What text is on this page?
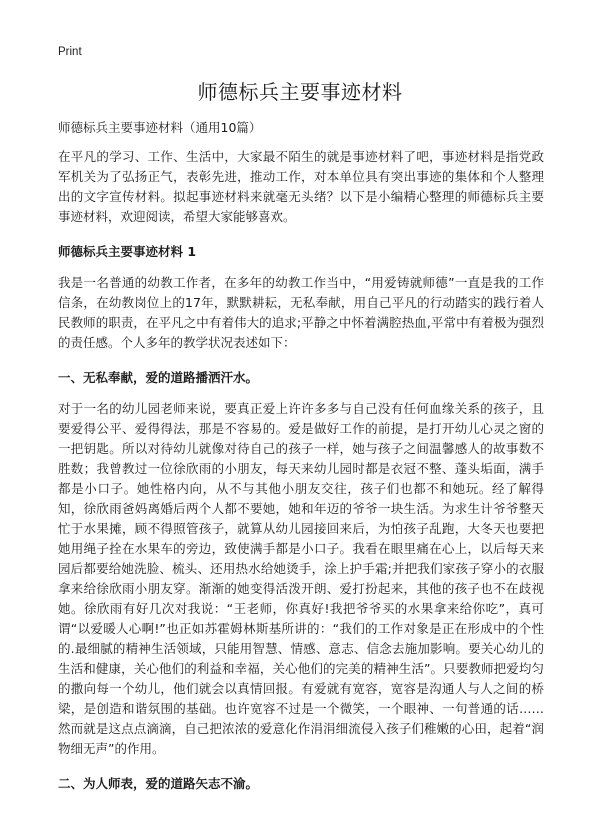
Print
师德标兵主要事迹材料
师德标兵主要事迹材料（通用10篇）

在平凡的学习、工作、生活中，大家最不陌生的就是事迹材料了吧，事迹材料是指党政军机关为了弘扬正气，表彰先进，推动工作，对本单位具有突出事迹的集体和个人整理出的文字宣传材料。拟起事迹材料来就毫无头绪？以下是小编精心整理的师德标兵主要事迹材料，欢迎阅读，希望大家能够喜欢。

师德标兵主要事迹材料 1

我是一名普通的幼教工作者，在多年的幼教工作当中，“用爱铸就师德”一直是我的工作信条，在幼教岗位上的17年，默默耕耘，无私奉献，用自己平凡的行动踏实的践行着人民教师的职责，在平凡之中有着伟大的追求;平静之中怀着满腔热血,平常中有着极为强烈的责任感。个人多年的教学状况表述如下：

一、无私奉献，爱的道路播洒汗水。

对于一名的幼儿园老师来说，要真正爱上许许多多与自己没有任何血缘关系的孩子，且要爱得公平、爱得得法，那是不容易的。爱是做好工作的前提，是打开幼儿心灵之窗的一把钥匙。所以对待幼儿就像对待自己的孩子一样，她与孩子之间温馨感人的故事数不胜数；我曾教过一位徐欣雨的小朋友，每天来幼儿园时都是衣冠不整、蓬头垢面，满手都是小口子。她性格内向，从不与其他小朋友交往，孩子们也都不和她玩。经了解得知，徐欣雨爸妈离婚后两个人都不要她，她和年迈的爷爷一块生活。为求生计爷爷整天忙于水果摊，顾不得照管孩子，就算从幼儿园接回来后，为怕孩子乱跑，大冬天也要把她用绳子拴在水果车的旁边，致使满手都是小口子。我看在眼里痛在心上，以后每天来园后都要给她洗脸、梳头、还用热水给她烫手，涂上护手霜;并把我们家孩子穿小的衣服拿来给徐欣雨小朋友穿。渐渐的她变得活泼开朗、爱打扮起来，其他的孩子也不在歧视她。徐欣雨有好几次对我说：“王老师，你真好!我把爷爷买的水果拿来给你吃”，真可谓“以爱暖人心啊!”也正如苏霍姆林斯基所讲的：“我们的工作对象是正在形成中的个性的.最细腻的精神生活领域，只能用智慧、情感、意志、信念去施加影响。要关心幼儿的生活和健康，关心他们的利益和幸福，关心他们的完美的精神生活”。只要教师把爱均匀的撒向每一个幼儿，他们就会以真情回报。有爱就有宽容，宽容是沟通人与人之间的桥梁，是创造和谐氛围的基础。也许宽容不过是一个微笑，一个眼神、一句普通的话……然而就是这点点滴滴，自己把浓浓的爱意化作涓涓细流侵入孩子们稚嫩的心田，起着“润物细无声”的作用。

二、为人师表，爱的道路矢志不渝。
